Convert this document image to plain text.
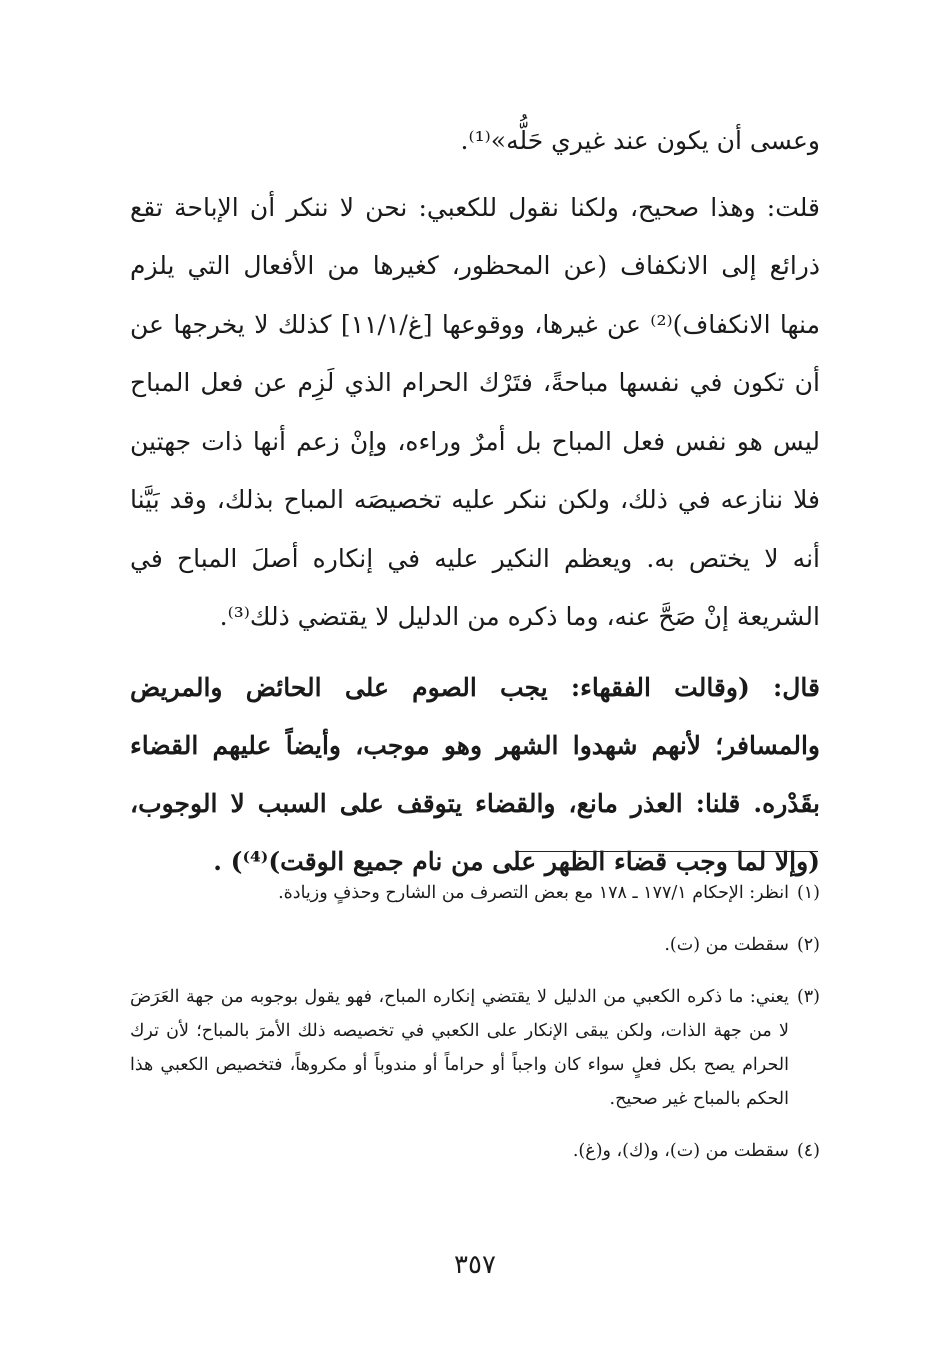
وعسى أن يكون عند غيري حَلُّه»⁽¹⁾.

قلت: وهذا صحيح، ولكنا نقول للكعبي: نحن لا ننكر أن الإباحة تقع ذرائع إلى الانكفاف (عن المحظور، كغيرها من الأفعال التي يلزم منها الانكفاف)⁽²⁾ عن غيرها، ووقوعها [غ/١١/١] كذلك لا يخرجها عن أن تكون في نفسها مباحةً، فتَرْك الحرام الذي لَزِم عن فعل المباح ليس هو نفس فعل المباح بل أمرٌ وراءه، وإنْ زعم أنها ذات جهتين فلا ننازعه في ذلك، ولكن ننكر عليه تخصيصَه المباح بذلك، وقد بَيَّنا أنه لا يختص به. ويعظم النكير عليه في إنكاره أصلَ المباح في الشريعة إنْ صَحَّ عنه، وما ذكره من الدليل لا يقتضي ذلك⁽³⁾.

قال: (وقالت الفقهاء: يجب الصوم على الحائض والمريض والمسافر؛ لأنهم شهدوا الشهر وهو موجب، وأيضاً عليهم القضاء بقَدْره. قلنا: العذر مانع، والقضاء يتوقف على السبب لا الوجوب، (وإلا لما وجب قضاء الظهر على من نام جميع الوقت)⁽⁴⁾) .

(١)
انظر: الإحكام ١٧٧/١ ـ ١٧٨ مع بعض التصرف من الشارح وحذفٍ وزيادة.
(٢)
سقطت من (ت).
(٣)
يعني: ما ذكره الكعبي من الدليل لا يقتضي إنكاره المباح، فهو يقول بوجوبه من جهة العَرَضَ لا من جهة الذات، ولكن يبقى الإنكار على الكعبي في تخصيصه ذلك الأمرَ بالمباح؛ لأن ترك الحرام يصح بكل فعلٍ سواء كان واجباً أو حراماً أو مندوباً أو مكروهاً، فتخصيص الكعبي هذا الحكم بالمباح غير صحيح.
(٤)
سقطت من (ت)، و(ك)، و(غ).
٣٥٧
